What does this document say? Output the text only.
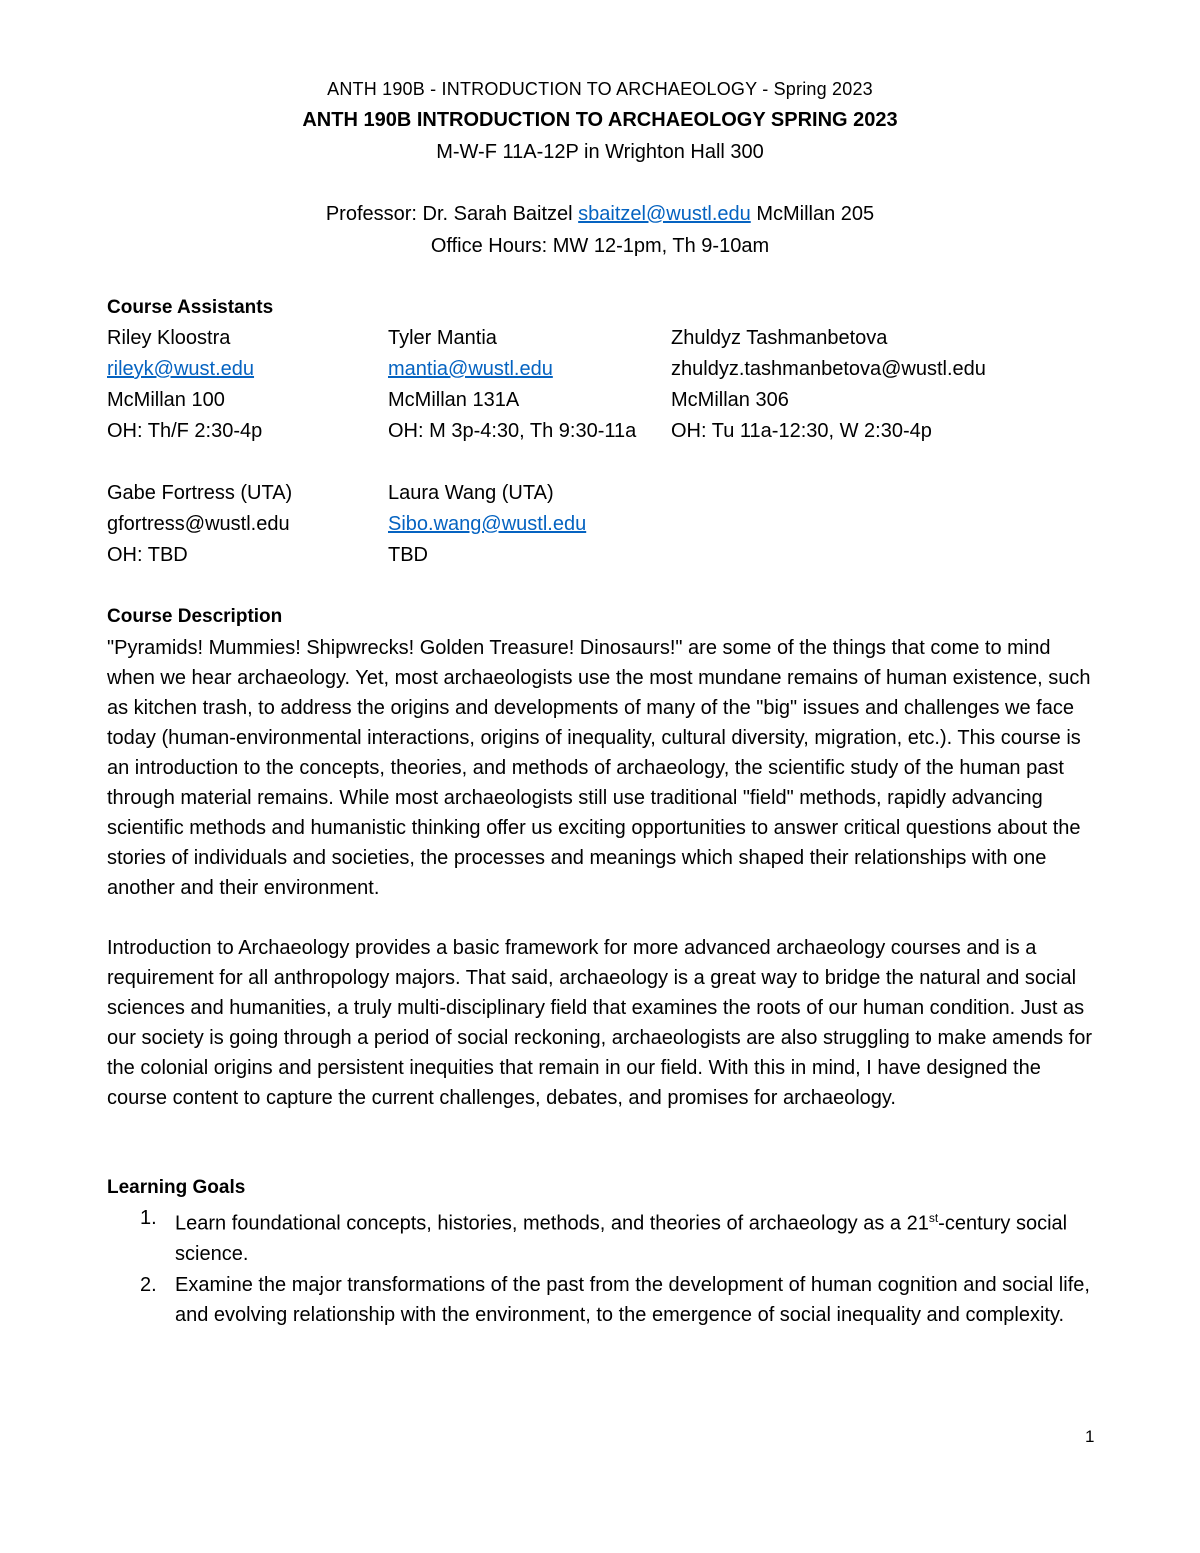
ANTH 190B - INTRODUCTION TO ARCHAEOLOGY - Spring 2023
ANTH 190B INTRODUCTION TO ARCHAEOLOGY SPRING 2023
M-W-F 11A-12P in Wrighton Hall 300
Professor: Dr. Sarah Baitzel sbaitzel@wustl.edu McMillan 205
Office Hours: MW 12-1pm, Th 9-10am
Course Assistants
Riley Kloostra
rileyk@wust.edu
McMillan 100
OH: Th/F 2:30-4p
Tyler Mantia
mantia@wustl.edu
McMillan 131A
OH: M 3p-4:30, Th 9:30-11a
Zhuldyz Tashmanbetova
zhuldyz.tashmanbetova@wustl.edu
McMillan 306
OH: Tu 11a-12:30, W 2:30-4p
Gabe Fortress (UTA)
gfortress@wustl.edu
OH: TBD
Laura Wang (UTA)
Sibo.wang@wustl.edu
TBD
Course Description

"Pyramids! Mummies! Shipwrecks! Golden Treasure! Dinosaurs!" are some of the things that come to mind when we hear archaeology. Yet, most archaeologists use the most mundane remains of human existence, such as kitchen trash, to address the origins and developments of many of the "big" issues and challenges we face today (human-environmental interactions, origins of inequality, cultural diversity, migration, etc.). This course is an introduction to the concepts, theories, and methods of archaeology, the scientific study of the human past through material remains. While most archaeologists still use traditional "field" methods, rapidly advancing scientific methods and humanistic thinking offer us exciting opportunities to answer critical questions about the stories of individuals and societies, the processes and meanings which shaped their relationships with one another and their environment.

Introduction to Archaeology provides a basic framework for more advanced archaeology courses and is a requirement for all anthropology majors. That said, archaeology is a great way to bridge the natural and social sciences and humanities, a truly multi-disciplinary field that examines the roots of our human condition. Just as our society is going through a period of social reckoning, archaeologists are also struggling to make amends for the colonial origins and persistent inequities that remain in our field. With this in mind, I have designed the course content to capture the current challenges, debates, and promises for archaeology.

Learning Goals
1. Learn foundational concepts, histories, methods, and theories of archaeology as a 21st-century social science.
2. Examine the major transformations of the past from the development of human cognition and social life, and evolving relationship with the environment, to the emergence of social inequality and complexity.
1
